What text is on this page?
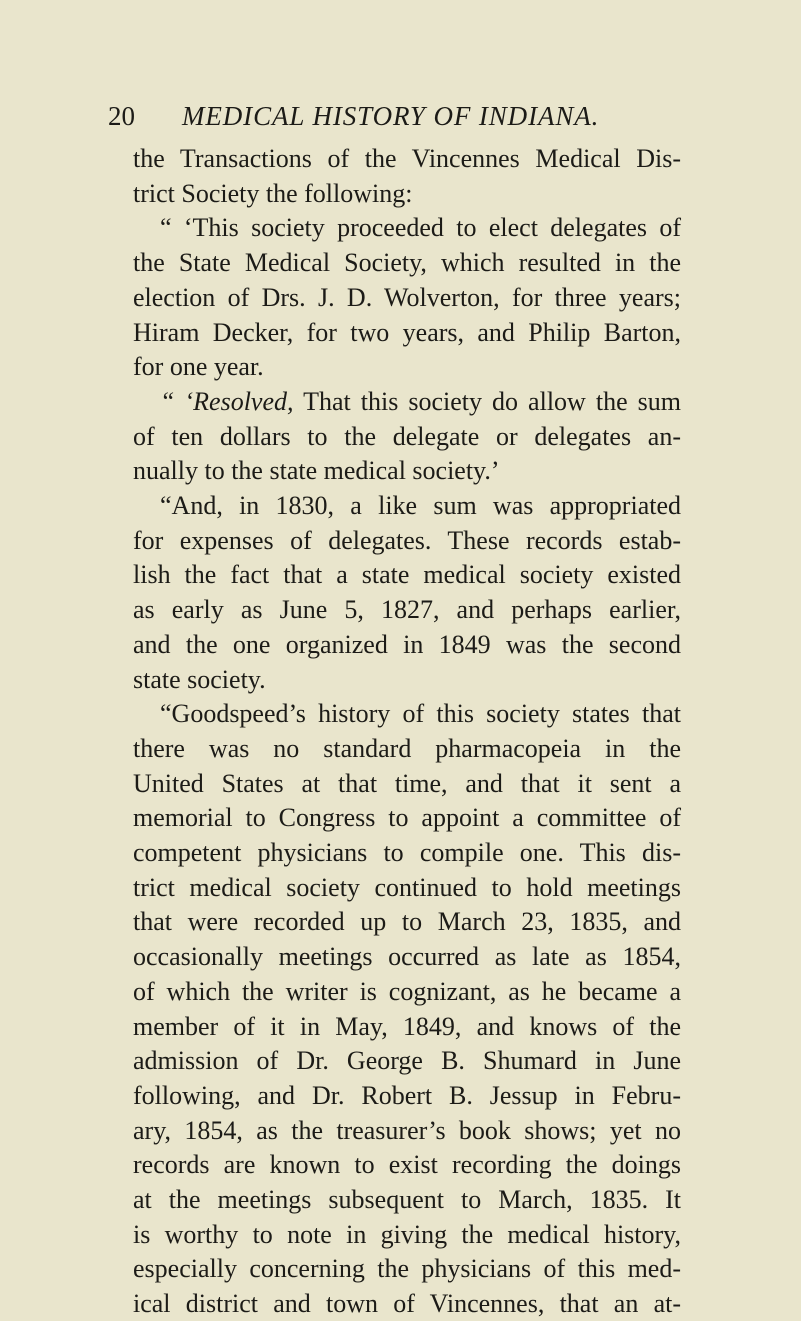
20 MEDICAL HISTORY OF INDIANA.
the Transactions of the Vincennes Medical Dis-
trict Society the following:
“ ‘This society proceeded to elect delegates of
the State Medical Society, which resulted in the
election of Drs. J. D. Wolverton, for three years;
Hiram Decker, for two years, and Philip Barton,
for one year.
“ ‘Resolved, That this society do allow the sum
of ten dollars to the delegate or delegates an-
nually to the state medical society.’
“And, in 1830, a like sum was appropriated
for expenses of delegates. These records estab-
lish the fact that a state medical society existed
as early as June 5, 1827, and perhaps earlier,
and the one organized in 1849 was the second
state society.
“Goodspeed’s history of this society states that
there was no standard pharmacopeia in the
United States at that time, and that it sent a
memorial to Congress to appoint a committee of
competent physicians to compile one. This dis-
trict medical society continued to hold meetings
that were recorded up to March 23, 1835, and
occasionally meetings occurred as late as 1854,
of which the writer is cognizant, as he became a
member of it in May, 1849, and knows of the
admission of Dr. George B. Shumard in June
following, and Dr. Robert B. Jessup in Febru-
ary, 1854, as the treasurer’s book shows; yet no
records are known to exist recording the doings
at the meetings subsequent to March, 1835. It
is worthy to note in giving the medical history,
especially concerning the physicians of this med-
ical district and town of Vincennes, that an at-
